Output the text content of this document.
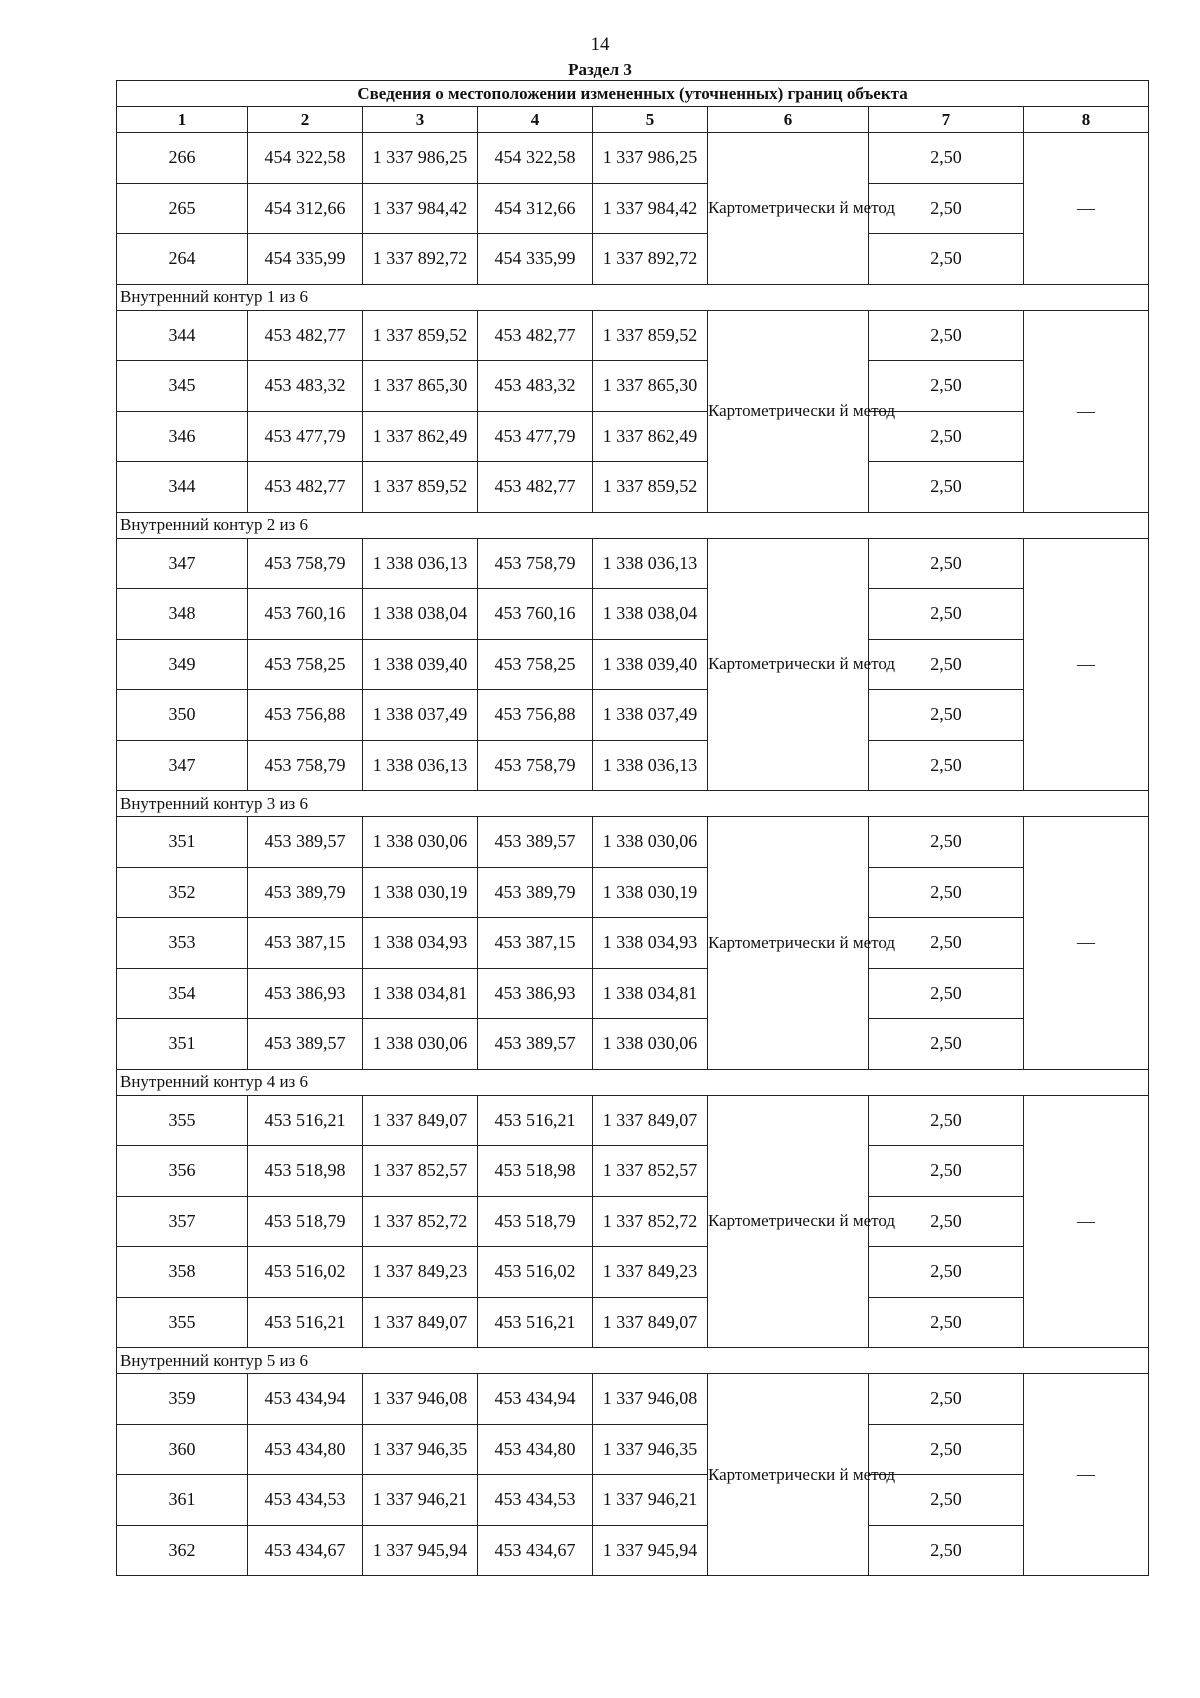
14
Раздел 3
Сведения о местоположении измененных (уточненных) границ объекта							
1	2	3	4	5	6	7	8
266	454 322,58	1 337 986,25	454 322,58	1 337 986,25	Картометрически й метод	2,50	—
265	454 312,66	1 337 984,42	454 312,66	1 337 984,42		2,50	
264	454 335,99	1 337 892,72	454 335,99	1 337 892,72		2,50	
Внутренний контур 1 из 6							
344	453 482,77	1 337 859,52	453 482,77	1 337 859,52	Картометрически й метод	2,50	—
345	453 483,32	1 337 865,30	453 483,32	1 337 865,30		2,50	
346	453 477,79	1 337 862,49	453 477,79	1 337 862,49		2,50	
344	453 482,77	1 337 859,52	453 482,77	1 337 859,52		2,50	
Внутренний контур 2 из 6							
347	453 758,79	1 338 036,13	453 758,79	1 338 036,13	Картометрически й метод	2,50	—
348	453 760,16	1 338 038,04	453 760,16	1 338 038,04		2,50	
349	453 758,25	1 338 039,40	453 758,25	1 338 039,40		2,50	
350	453 756,88	1 338 037,49	453 756,88	1 338 037,49		2,50	
347	453 758,79	1 338 036,13	453 758,79	1 338 036,13		2,50	
Внутренний контур 3 из 6							
351	453 389,57	1 338 030,06	453 389,57	1 338 030,06	Картометрически й метод	2,50	—
352	453 389,79	1 338 030,19	453 389,79	1 338 030,19		2,50	
353	453 387,15	1 338 034,93	453 387,15	1 338 034,93		2,50	
354	453 386,93	1 338 034,81	453 386,93	1 338 034,81		2,50	
351	453 389,57	1 338 030,06	453 389,57	1 338 030,06		2,50	
Внутренний контур 4 из 6							
355	453 516,21	1 337 849,07	453 516,21	1 337 849,07	Картометрически й метод	2,50	—
356	453 518,98	1 337 852,57	453 518,98	1 337 852,57		2,50	
357	453 518,79	1 337 852,72	453 518,79	1 337 852,72		2,50	
358	453 516,02	1 337 849,23	453 516,02	1 337 849,23		2,50	
355	453 516,21	1 337 849,07	453 516,21	1 337 849,07		2,50	
Внутренний контур 5 из 6							
359	453 434,94	1 337 946,08	453 434,94	1 337 946,08	Картометрически й метод	2,50	—
360	453 434,80	1 337 946,35	453 434,80	1 337 946,35		2,50	
361	453 434,53	1 337 946,21	453 434,53	1 337 946,21		2,50	
362	453 434,67	1 337 945,94	453 434,67	1 337 945,94		2,50	
